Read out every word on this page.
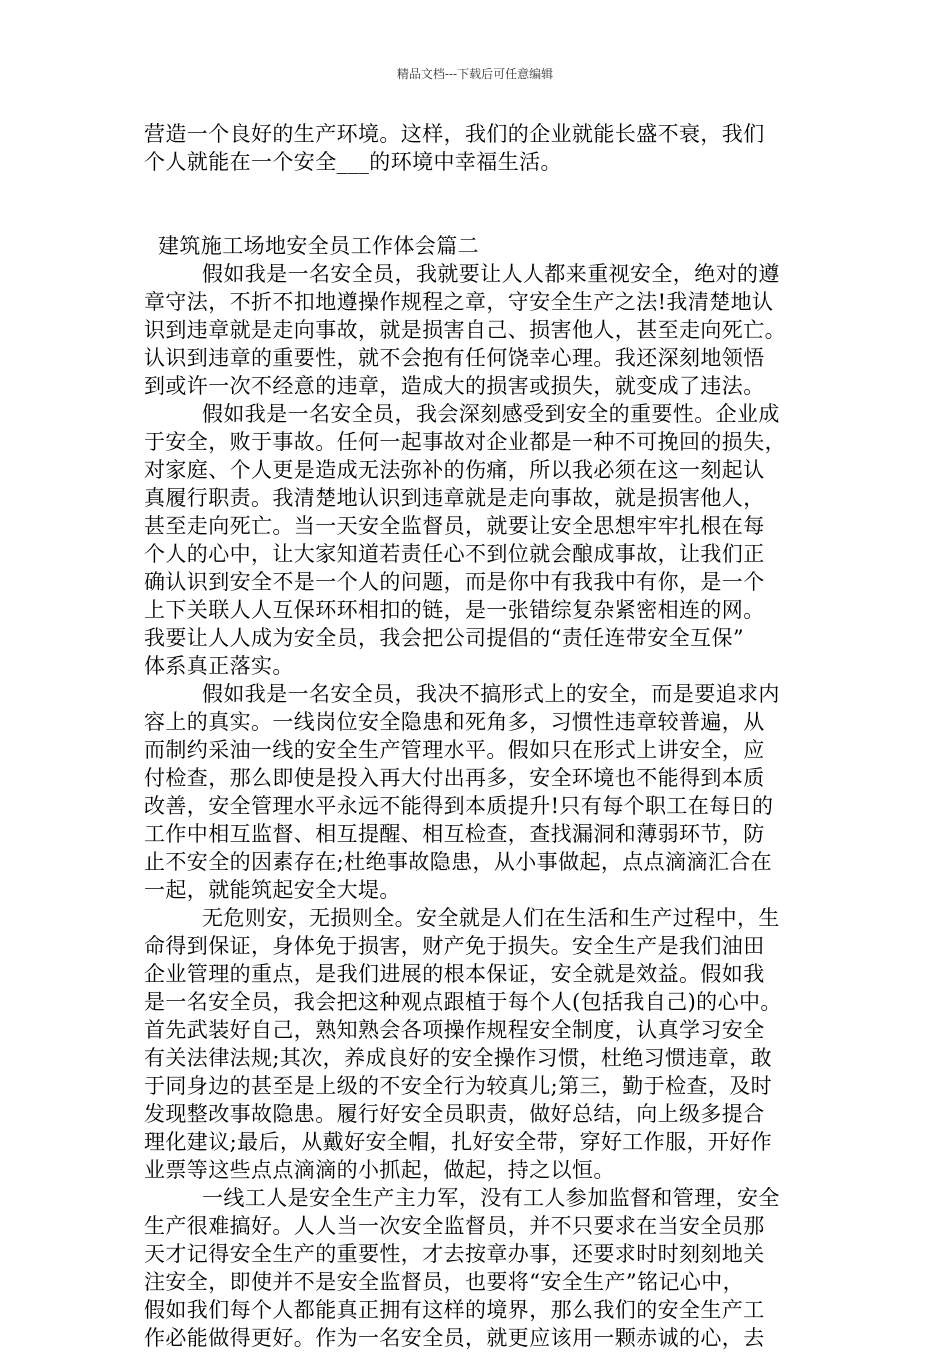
精品文档---下载后可任意编辑
营造一个良好的生产环境。这样，我们的企业就能长盛不衰，我们
个人就能在一个安全___的环境中幸福生活。
建筑施工场地安全员工作体会篇二
假如我是一名安全员，我就要让人人都来重视安全，绝对的遵
章守法，不折不扣地遵操作规程之章，守安全生产之法!我清楚地认
识到违章就是走向事故，就是损害自己、损害他人，甚至走向死亡。
认识到违章的重要性，就不会抱有任何饶幸心理。我还深刻地领悟
到或许一次不经意的违章，造成大的损害或损失，就变成了违法。
假如我是一名安全员，我会深刻感受到安全的重要性。企业成
于安全，败于事故。任何一起事故对企业都是一种不可挽回的损失，
对家庭、个人更是造成无法弥补的伤痛，所以我必须在这一刻起认
真履行职责。我清楚地认识到违章就是走向事故，就是损害他人，
甚至走向死亡。当一天安全监督员，就要让安全思想牢牢扎根在每
个人的心中，让大家知道若责任心不到位就会酿成事故，让我们正
确认识到安全不是一个人的问题，而是你中有我我中有你，是一个
上下关联人人互保环环相扣的链，是一张错综复杂紧密相连的网。
我要让人人成为安全员，我会把公司提倡的“责任连带安全互保”
体系真正落实。
假如我是一名安全员，我决不搞形式上的安全，而是要追求内
容上的真实。一线岗位安全隐患和死角多，习惯性违章较普遍，从
而制约采油一线的安全生产管理水平。假如只在形式上讲安全，应
付检查，那么即使是投入再大付出再多，安全环境也不能得到本质
改善，安全管理水平永远不能得到本质提升!只有每个职工在每日的
工作中相互监督、相互提醒、相互检查，查找漏洞和薄弱环节，防
止不安全的因素存在;杜绝事故隐患，从小事做起，点点滴滴汇合在
一起，就能筑起安全大堤。
无危则安，无损则全。安全就是人们在生活和生产过程中，生
命得到保证，身体免于损害，财产免于损失。安全生产是我们油田
企业管理的重点，是我们进展的根本保证，安全就是效益。假如我
是一名安全员，我会把这种观点跟植于每个人(包括我自己)的心中。
首先武装好自己，熟知熟会各项操作规程安全制度，认真学习安全
有关法律法规;其次，养成良好的安全操作习惯，杜绝习惯违章，敢
于同身边的甚至是上级的不安全行为较真儿;第三，勤于检查，及时
发现整改事故隐患。履行好安全员职责，做好总结，向上级多提合
理化建议;最后，从戴好安全帽，扎好安全带，穿好工作服，开好作
业票等这些点点滴滴的小抓起，做起，持之以恒。
一线工人是安全生产主力军，没有工人参加监督和管理，安全
生产很难搞好。人人当一次安全监督员，并不只要求在当安全员那
天才记得安全生产的重要性，才去按章办事，还要求时时刻刻地关
注安全，即使并不是安全监督员，也要将“安全生产”铭记心中，
假如我们每个人都能真正拥有这样的境界，那么我们的安全生产工
作必能做得更好。作为一名安全员，就更应该用一颗赤诚的心，去
